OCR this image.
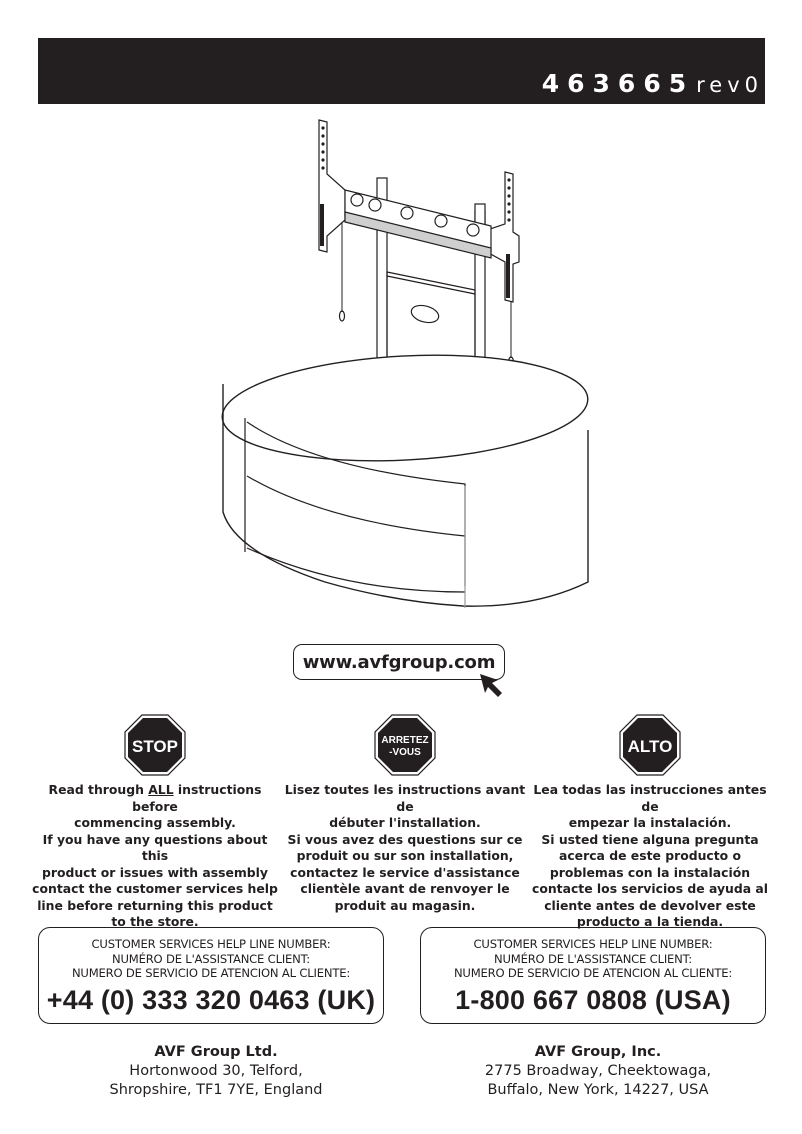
463665rev0
www.avfgroup.com
STOP

Read through ALL instructions before

commencing assembly.

If you have any questions about this

product or issues with assembly

contact the customer services help

line before returning this product

to the store.

ARRETEZ
-VOUS

Lisez toutes les instructions avant de

débuter l'installation.

Si vous avez des questions sur ce

produit ou sur son installation,

contactez le service d'assistance

clientèle avant de renvoyer le

produit au magasin.

ALTO

Lea todas las instrucciones antes de

empezar la instalación.

Si usted tiene alguna pregunta

acerca de este producto o

problemas con la instalación

contacte los servicios de ayuda al

cliente antes de devolver este

producto a la tienda.

CUSTOMER SERVICES HELP LINE NUMBER:
NUMÉRO DE L'ASSISTANCE CLIENT:
NUMERO DE SERVICIO DE ATENCION AL CLIENTE:
+44 (0) 333 320 0463 (UK)
CUSTOMER SERVICES HELP LINE NUMBER:
NUMÉRO DE L'ASSISTANCE CLIENT:
NUMERO DE SERVICIO DE ATENCION AL CLIENTE:
1-800 667 0808 (USA)
AVF Group Ltd.
Hortonwood 30, Telford,
Shropshire, TF1 7YE, England
AVF Group, Inc.
2775 Broadway, Cheektowaga,
Buffalo, New York, 14227, USA
